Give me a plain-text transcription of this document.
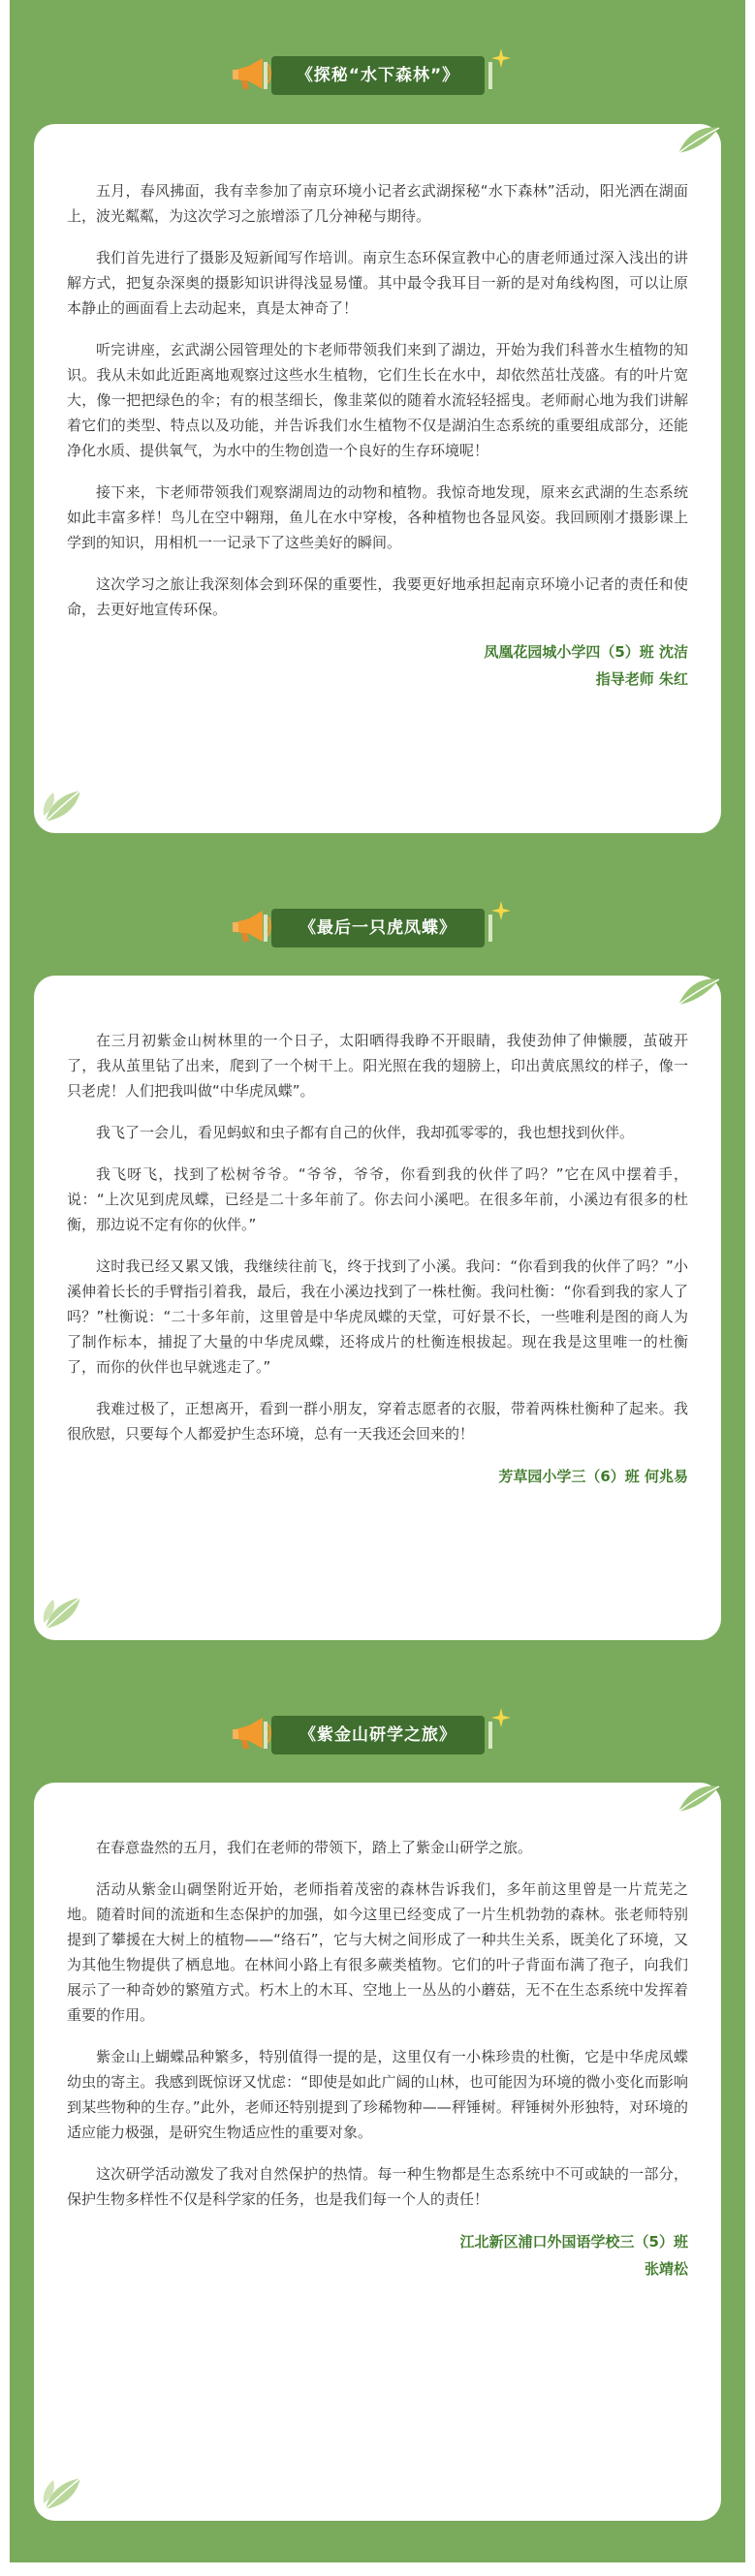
《探秘“水下森林”》

五月，春风拂面，我有幸参加了南京环境小记者玄武湖探秘“水下森林”活动，阳光洒在湖面上，波光粼粼，为这次学习之旅增添了几分神秘与期待。

我们首先进行了摄影及短新闻写作培训。南京生态环保宣教中心的唐老师通过深入浅出的讲解方式，把复杂深奥的摄影知识讲得浅显易懂。其中最令我耳目一新的是对角线构图，可以让原本静止的画面看上去动起来，真是太神奇了！

听完讲座，玄武湖公园管理处的卞老师带领我们来到了湖边，开始为我们科普水生植物的知识。我从未如此近距离地观察过这些水生植物，它们生长在水中，却依然茁壮茂盛。有的叶片宽大，像一把把绿色的伞；有的根茎细长，像韭菜似的随着水流轻轻摇曳。老师耐心地为我们讲解着它们的类型、特点以及功能，并告诉我们水生植物不仅是湖泊生态系统的重要组成部分，还能净化水质、提供氧气，为水中的生物创造一个良好的生存环境呢！

接下来，卞老师带领我们观察湖周边的动物和植物。我惊奇地发现，原来玄武湖的生态系统如此丰富多样！鸟儿在空中翱翔，鱼儿在水中穿梭，各种植物也各显风姿。我回顾刚才摄影课上学到的知识，用相机一一记录下了这些美好的瞬间。

这次学习之旅让我深刻体会到环保的重要性，我要更好地承担起南京环境小记者的责任和使命，去更好地宣传环保。

凤凰花园城小学四（5）班 沈洁
指导老师 朱红
《最后一只虎凤蝶》

在三月初紫金山树林里的一个日子，太阳晒得我睁不开眼睛，我使劲伸了伸懒腰，茧破开了，我从茧里钻了出来，爬到了一个树干上。阳光照在我的翅膀上，印出黄底黑纹的样子，像一只老虎！人们把我叫做“中华虎凤蝶”。

我飞了一会儿，看见蚂蚁和虫子都有自己的伙伴，我却孤零零的，我也想找到伙伴。

我飞呀飞，找到了松树爷爷。“爷爷，爷爷，你看到我的伙伴了吗？”它在风中摆着手，说：“上次见到虎凤蝶，已经是二十多年前了。你去问小溪吧。在很多年前，小溪边有很多的杜衡，那边说不定有你的伙伴。”

这时我已经又累又饿，我继续往前飞，终于找到了小溪。我问：“你看到我的伙伴了吗？”小溪伸着长长的手臂指引着我，最后，我在小溪边找到了一株杜衡。我问杜衡：“你看到我的家人了吗？”杜衡说：“二十多年前，这里曾是中华虎凤蝶的天堂，可好景不长，一些唯利是图的商人为了制作标本，捕捉了大量的中华虎凤蝶，还将成片的杜衡连根拔起。现在我是这里唯一的杜衡了，而你的伙伴也早就逃走了。”

我难过极了，正想离开，看到一群小朋友，穿着志愿者的衣服，带着两株杜衡种了起来。我很欣慰，只要每个人都爱护生态环境，总有一天我还会回来的！

芳草园小学三（6）班 何兆易
《紫金山研学之旅》

在春意盎然的五月，我们在老师的带领下，踏上了紫金山研学之旅。

活动从紫金山碉堡附近开始，老师指着茂密的森林告诉我们，多年前这里曾是一片荒芜之地。随着时间的流逝和生态保护的加强，如今这里已经变成了一片生机勃勃的森林。张老师特别提到了攀援在大树上的植物——“络石”，它与大树之间形成了一种共生关系，既美化了环境，又为其他生物提供了栖息地。在林间小路上有很多蕨类植物。它们的叶子背面布满了孢子，向我们展示了一种奇妙的繁殖方式。朽木上的木耳、空地上一丛丛的小蘑菇，无不在生态系统中发挥着重要的作用。

紫金山上蝴蝶品种繁多，特别值得一提的是，这里仅有一小株珍贵的杜衡，它是中华虎凤蝶幼虫的寄主。我感到既惊讶又忧虑：“即使是如此广阔的山林，也可能因为环境的微小变化而影响到某些物种的生存。”此外，老师还特别提到了珍稀物种——秤锤树。秤锤树外形独特，对环境的适应能力极强，是研究生物适应性的重要对象。

这次研学活动激发了我对自然保护的热情。每一种生物都是生态系统中不可或缺的一部分，保护生物多样性不仅是科学家的任务，也是我们每一个人的责任！

江北新区浦口外国语学校三（5）班
张靖松
